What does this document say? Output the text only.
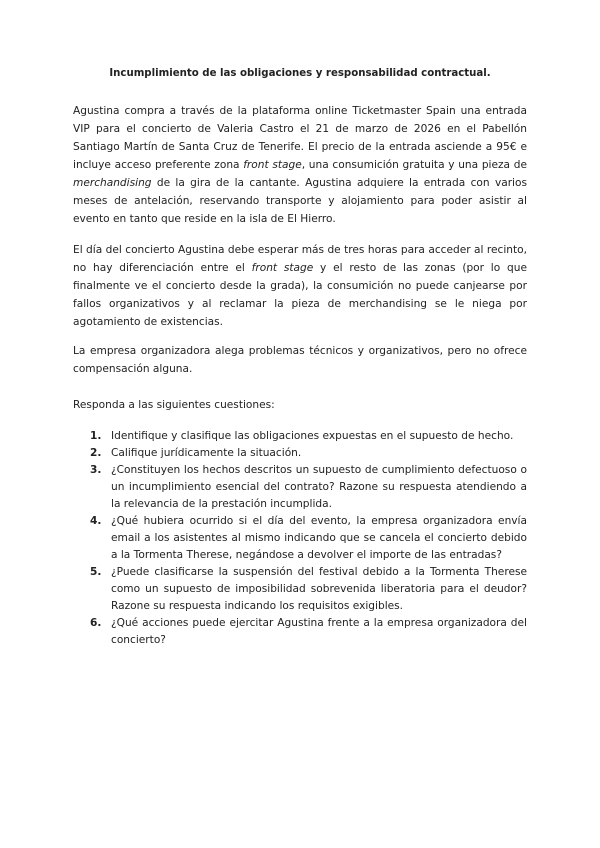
Incumplimiento de las obligaciones y responsabilidad contractual.

Agustina compra a través de la plataforma online Ticketmaster Spain una entrada VIP para el concierto de Valeria Castro el 21 de marzo de 2026 en el Pabellón Santiago Martín de Santa Cruz de Tenerife. El precio de la entrada asciende a 95€ e incluye acceso preferente zona front stage, una consumición gratuita y una pieza de merchandising de la gira de la cantante. Agustina adquiere la entrada con varios meses de antelación, reservando transporte y alojamiento para poder asistir al evento en tanto que reside en la isla de El Hierro.

El día del concierto Agustina debe esperar más de tres horas para acceder al recinto, no hay diferenciación entre el front stage y el resto de las zonas (por lo que finalmente ve el concierto desde la grada), la consumición no puede canjearse por fallos organizativos y al reclamar la pieza de merchandising se le niega por agotamiento de existencias.

La empresa organizadora alega problemas técnicos y organizativos, pero no ofrece compensación alguna.

Responda a las siguientes cuestiones:

1. Identifique y clasifique las obligaciones expuestas en el supuesto de hecho.
2. Califique jurídicamente la situación.
3. ¿Constituyen los hechos descritos un supuesto de cumplimiento defectuoso o un incumplimiento esencial del contrato? Razone su respuesta atendiendo a la relevancia de la prestación incumplida.
4. ¿Qué hubiera ocurrido si el día del evento, la empresa organizadora envía email a los asistentes al mismo indicando que se cancela el concierto debido a la Tormenta Therese, negándose a devolver el importe de las entradas?
5. ¿Puede clasificarse la suspensión del festival debido a la Tormenta Therese como un supuesto de imposibilidad sobrevenida liberatoria para el deudor? Razone su respuesta indicando los requisitos exigibles.
6. ¿Qué acciones puede ejercitar Agustina frente a la empresa organizadora del concierto?
